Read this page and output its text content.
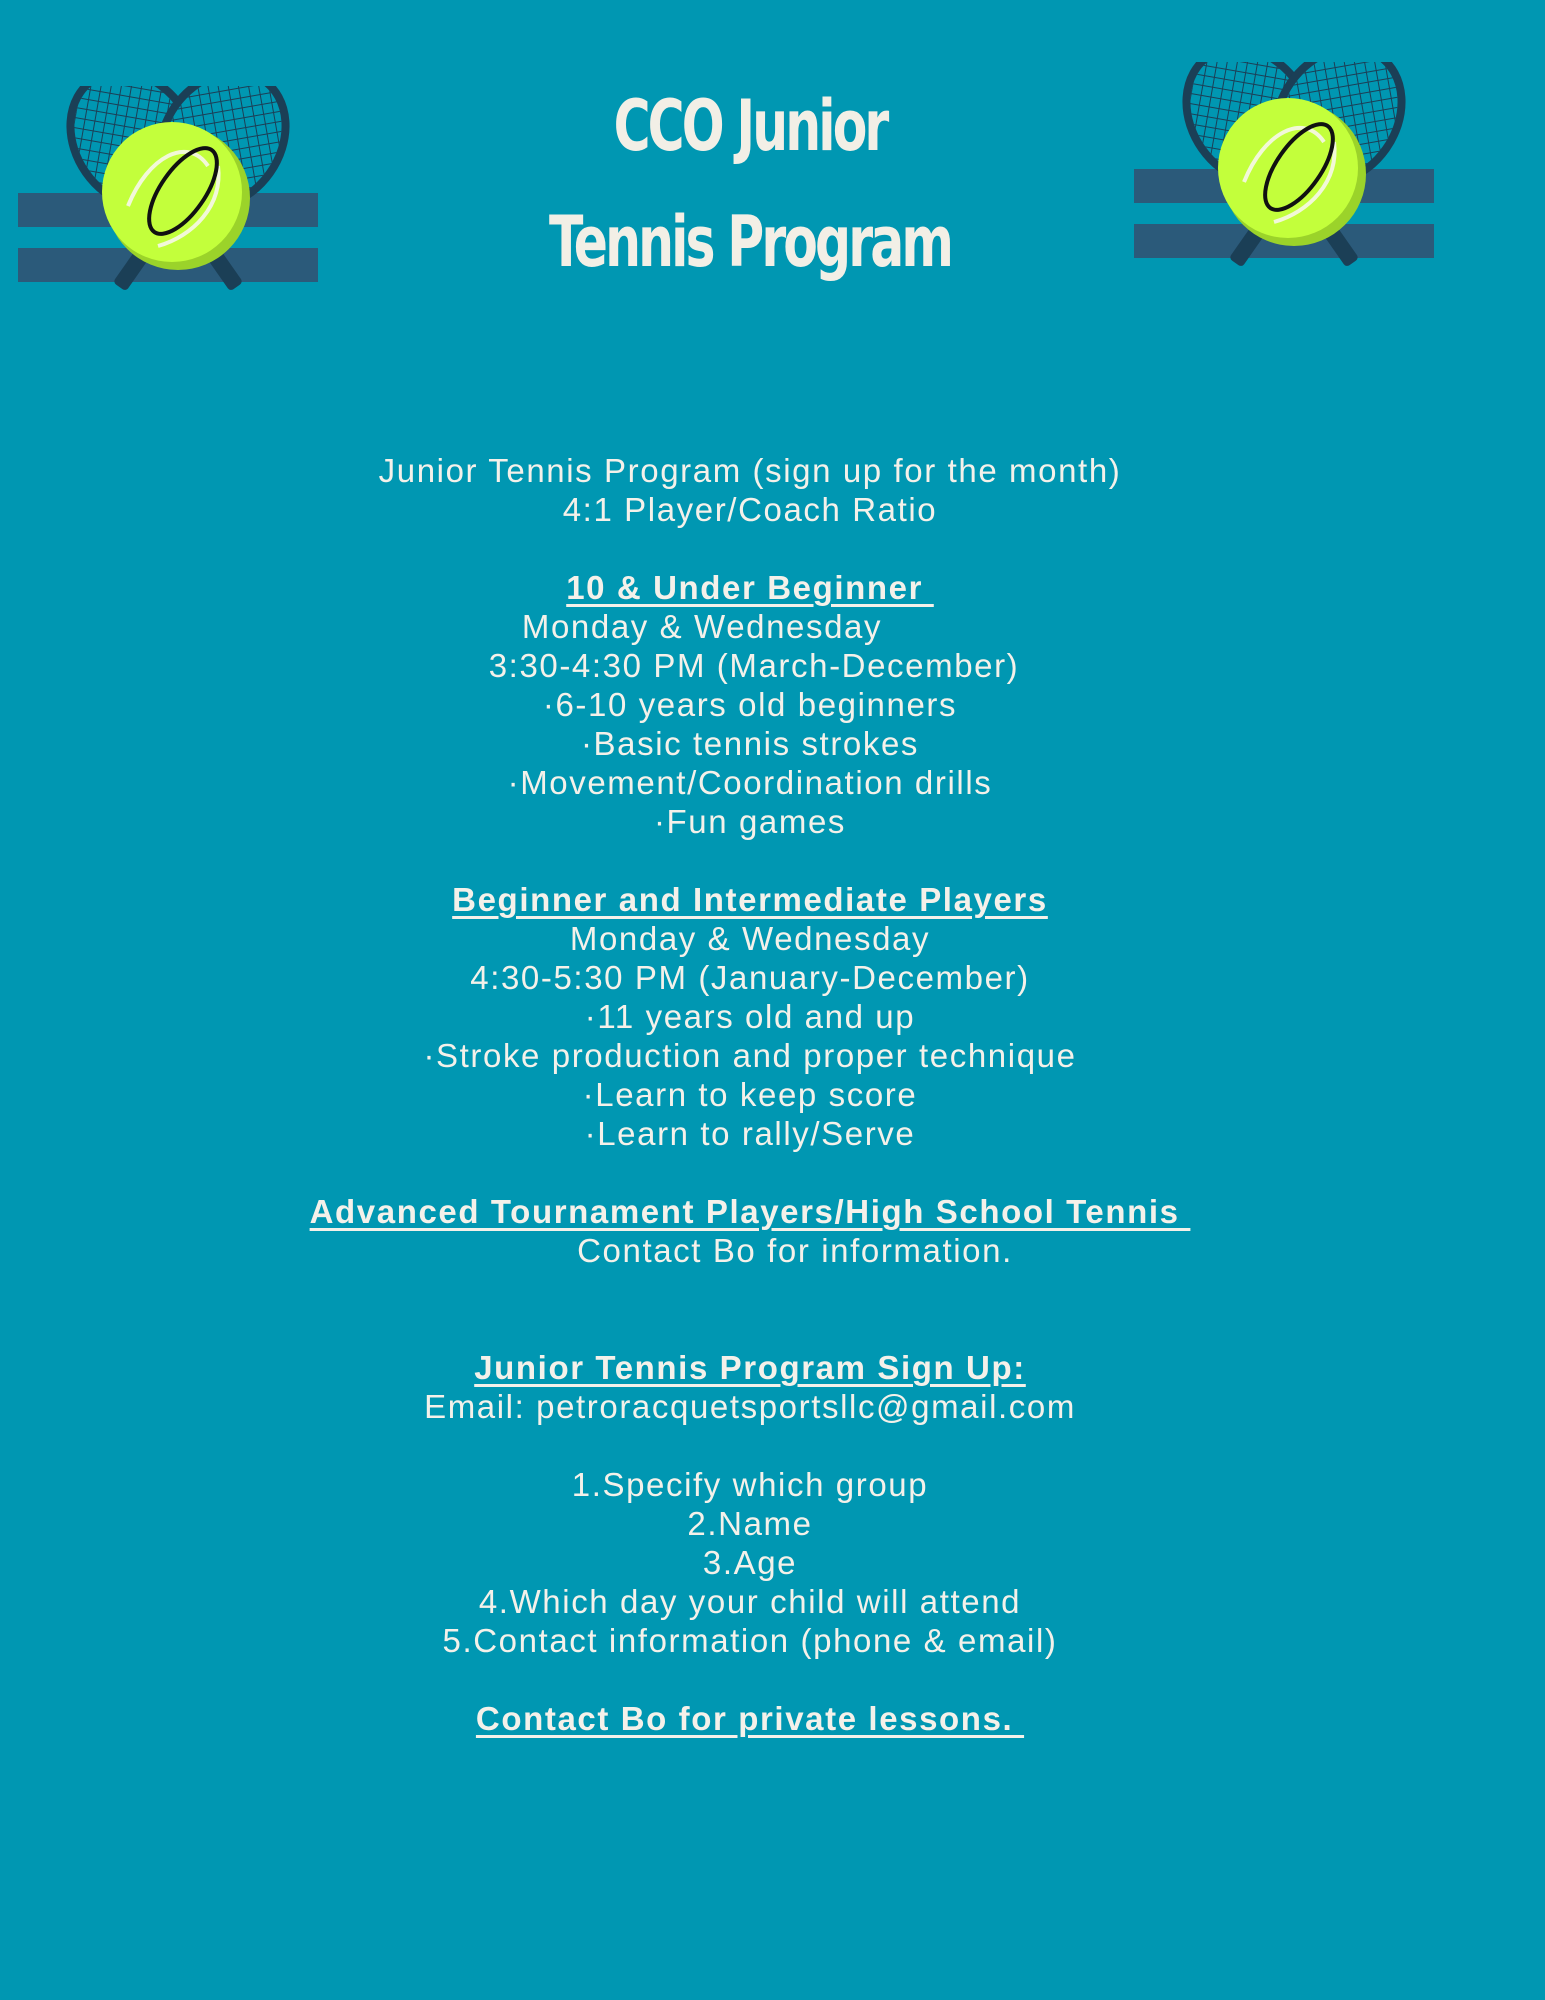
CCO Junior
Tennis Program
Junior Tennis Program (sign up for the month)
4:1 Player/Coach Ratio
10 & Under Beginner
Monday & Wednesday
3:30-4:30 PM (March-December)
·6-10 years old beginners
·Basic tennis strokes
·Movement/Coordination drills
·Fun games
Beginner and Intermediate Players
Monday & Wednesday
4:30-5:30 PM (January-December)
·11 years old and up
·Stroke production and proper technique
·Learn to keep score
·Learn to rally/Serve
Advanced Tournament Players/High School Tennis
Contact Bo for information.
Junior Tennis Program Sign Up:
Email: petroracquetsportsllc@gmail.com
1.Specify which group
2.Name
3.Age
4.Which day your child will attend
5.Contact information (phone & email)
Contact Bo for private lessons.
